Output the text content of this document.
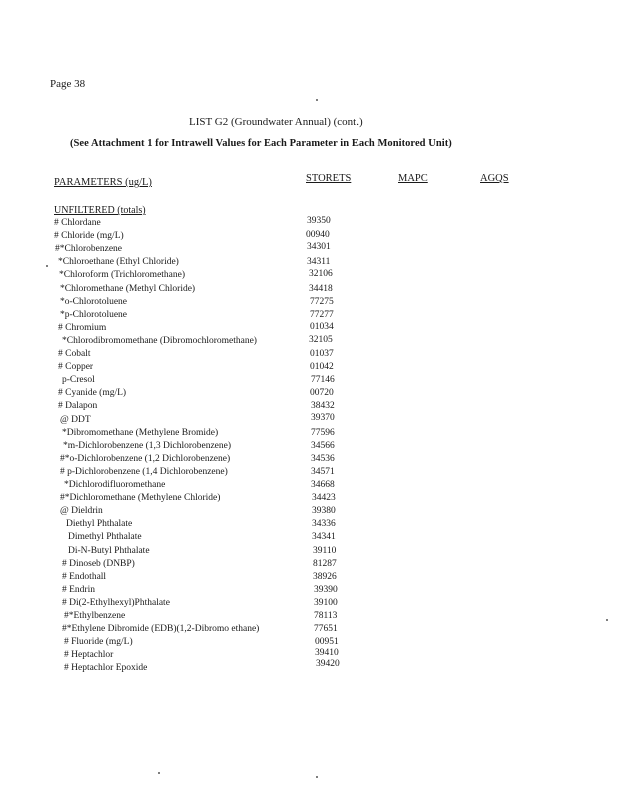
Page 38
LIST G2 (Groundwater Annual) (cont.)
(See Attachment 1 for Intrawell Values for Each Parameter in Each Monitored Unit)
PARAMETERS (ug/L)	STORETS	MAPC	AGQS
UNFILTERED (totals)
# Chlordane	39350
# Chloride (mg/L)	00940
#*Chlorobenzene	34301
*Chloroethane (Ethyl Chloride)	34311
*Chloroform (Trichloromethane)	32106
*Chloromethane (Methyl Chloride)	34418
*o-Chlorotoluene	77275
*p-Chlorotoluene	77277
# Chromium	01034
*Chlorodibromomethane (Dibromochloromethane)	32105
# Cobalt	01037
# Copper	01042
p-Cresol	77146
# Cyanide (mg/L)	00720
# Dalapon	38432
@ DDT	39370
*Dibromomethane (Methylene Bromide)	77596
*m-Dichlorobenzene (1,3 Dichlorobenzene)	34566
#*o-Dichlorobenzene (1,2 Dichlorobenzene)	34536
# p-Dichlorobenzene (1,4 Dichlorobenzene)	34571
*Dichlorodifluoromethane	34668
#*Dichloromethane (Methylene Chloride)	34423
@ Dieldrin	39380
Diethyl Phthalate	34336
Dimethyl Phthalate	34341
Di-N-Butyl Phthalate	39110
# Dinoseb (DNBP)	81287
# Endothall	38926
# Endrin	39390
# Di(2-Ethylhexyl)Phthalate	39100
#*Ethylbenzene	78113
#*Ethylene Dibromide (EDB)(1,2-Dibromo ethane)	77651
# Fluoride (mg/L)	00951
# Heptachlor	39410
# Heptachlor Epoxide	39420
